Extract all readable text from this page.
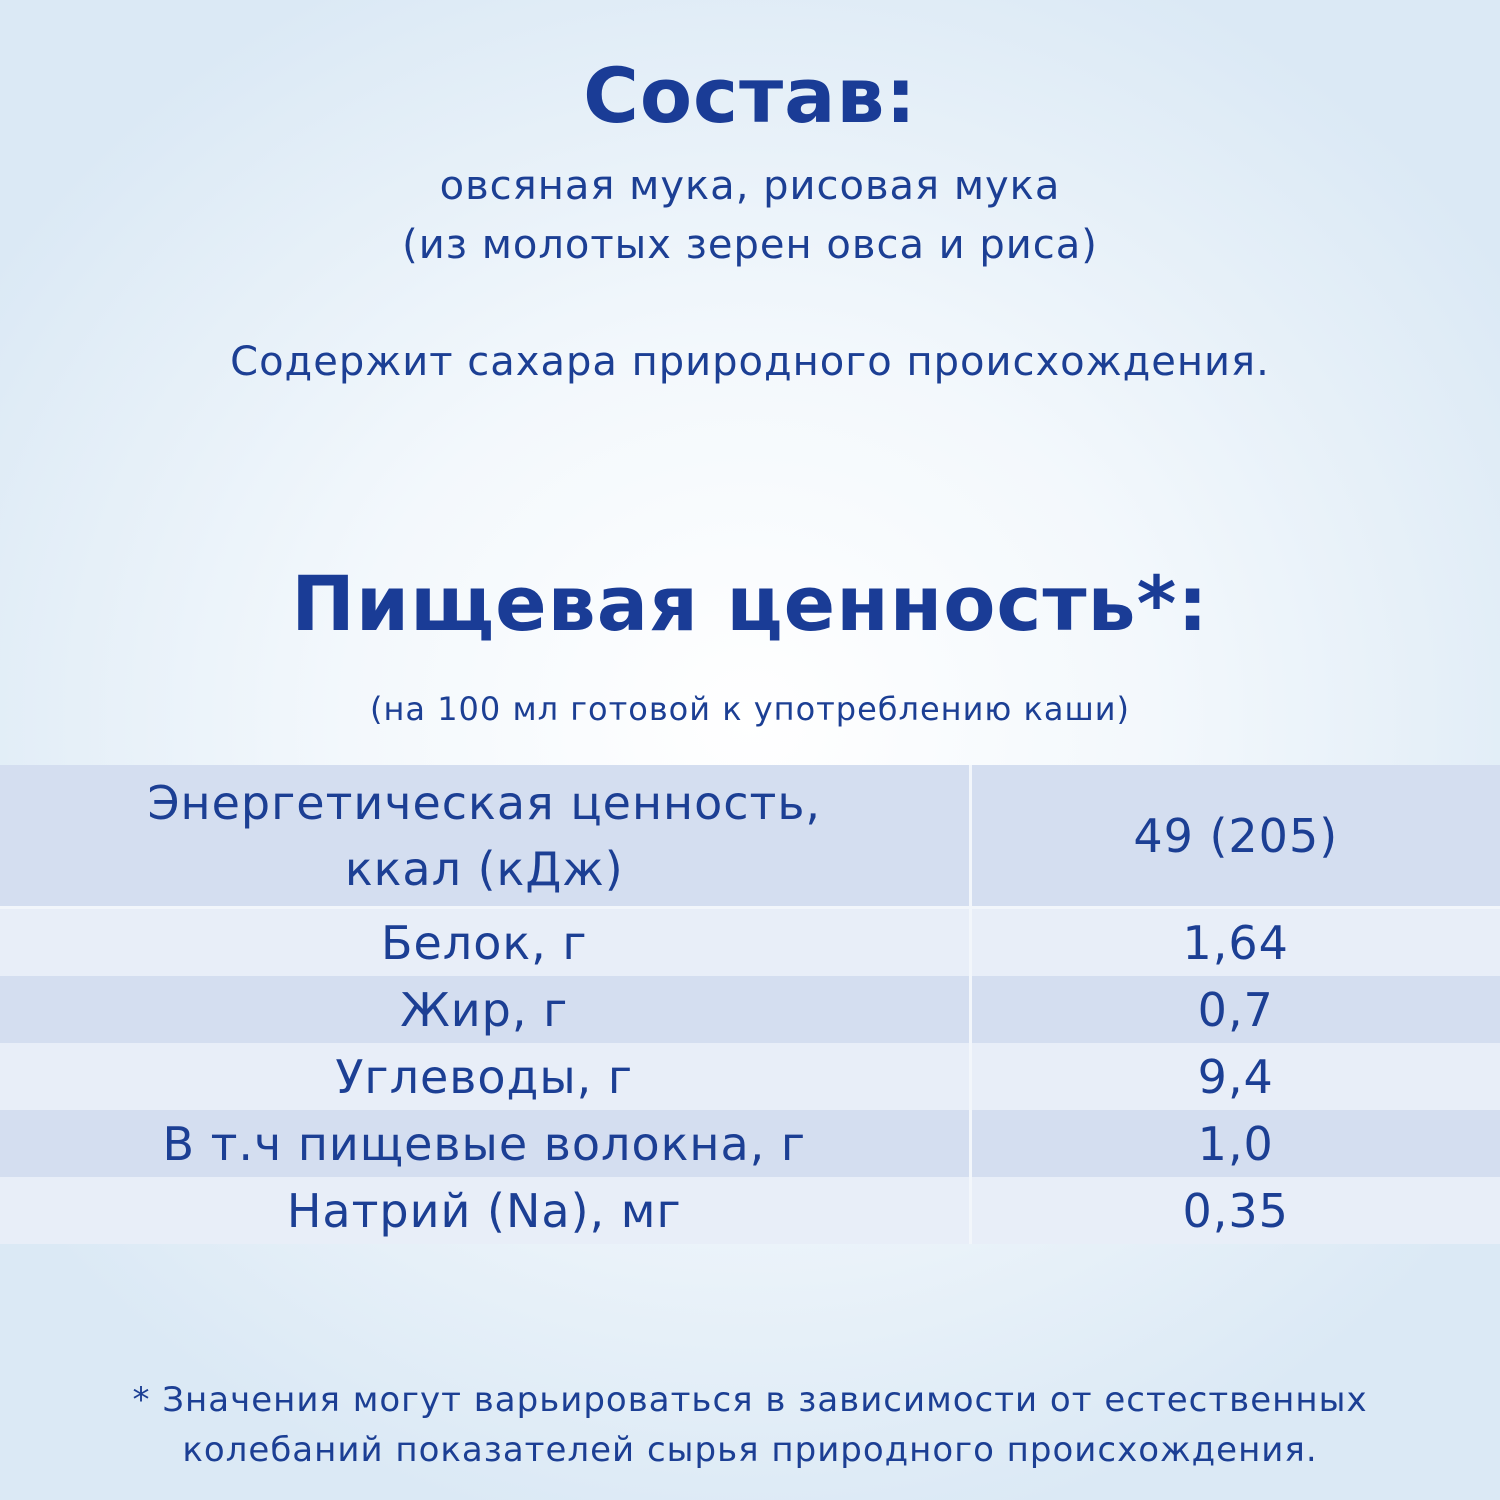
Состав:
овсяная мука, рисовая мука
(из молотых зерен овса и риса)
Содержит сахара природного происхождения.
Пищевая ценность*:
(на 100 мл готовой к употреблению каши)
Энергетическая ценность,
ккал (кДж)	49 (205)
Белок, г	1,64
Жир, г	0,7
Углеводы, г	9,4
В т.ч пищевые волокна, г	1,0
Натрий (Na), мг	0,35
* Значения могут варьироваться в зависимости от естественных
колебаний показателей сырья природного происхождения.
